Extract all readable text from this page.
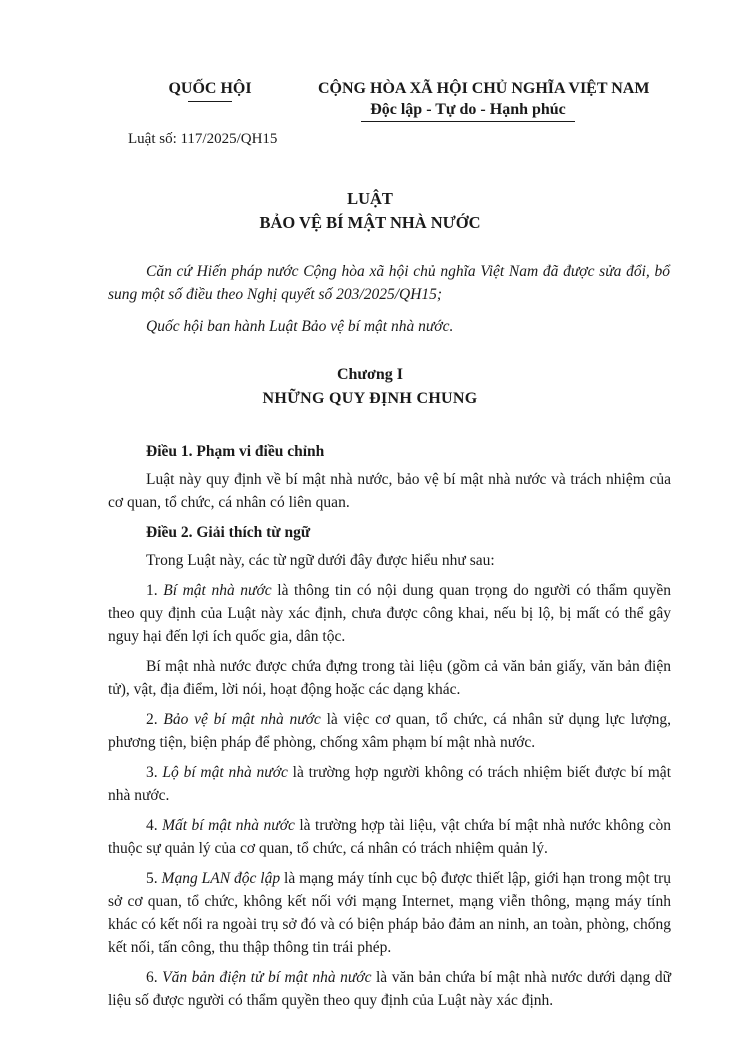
QUỐC HỘI	CỘNG HÒA XÃ HỘI CHỦ NGHĨA VIỆT NAM
Độc lập - Tự do - Hạnh phúc
Luật số: 117/2025/QH15
LUẬT
BẢO VỆ BÍ MẬT NHÀ NƯỚC

Căn cứ Hiến pháp nước Cộng hòa xã hội chủ nghĩa Việt Nam đã được sửa đổi, bổ sung một số điều theo Nghị quyết số 203/2025/QH15;

Quốc hội ban hành Luật Bảo vệ bí mật nhà nước.

Chương I
NHỮNG QUY ĐỊNH CHUNG
Điều 1. Phạm vi điều chỉnh

Luật này quy định về bí mật nhà nước, bảo vệ bí mật nhà nước và trách nhiệm của cơ quan, tổ chức, cá nhân có liên quan.

Điều 2. Giải thích từ ngữ

Trong Luật này, các từ ngữ dưới đây được hiểu như sau:

1. Bí mật nhà nước là thông tin có nội dung quan trọng do người có thẩm quyền theo quy định của Luật này xác định, chưa được công khai, nếu bị lộ, bị mất có thể gây nguy hại đến lợi ích quốc gia, dân tộc.

Bí mật nhà nước được chứa đựng trong tài liệu (gồm cả văn bản giấy, văn bản điện tử), vật, địa điểm, lời nói, hoạt động hoặc các dạng khác.

2. Bảo vệ bí mật nhà nước là việc cơ quan, tổ chức, cá nhân sử dụng lực lượng, phương tiện, biện pháp để phòng, chống xâm phạm bí mật nhà nước.

3. Lộ bí mật nhà nước là trường hợp người không có trách nhiệm biết được bí mật nhà nước.

4. Mất bí mật nhà nước là trường hợp tài liệu, vật chứa bí mật nhà nước không còn thuộc sự quản lý của cơ quan, tổ chức, cá nhân có trách nhiệm quản lý.

5. Mạng LAN độc lập là mạng máy tính cục bộ được thiết lập, giới hạn trong một trụ sở cơ quan, tổ chức, không kết nối với mạng Internet, mạng viễn thông, mạng máy tính khác có kết nối ra ngoài trụ sở đó và có biện pháp bảo đảm an ninh, an toàn, phòng, chống kết nối, tấn công, thu thập thông tin trái phép.

6. Văn bản điện tử bí mật nhà nước là văn bản chứa bí mật nhà nước dưới dạng dữ liệu số được người có thẩm quyền theo quy định của Luật này xác định.
